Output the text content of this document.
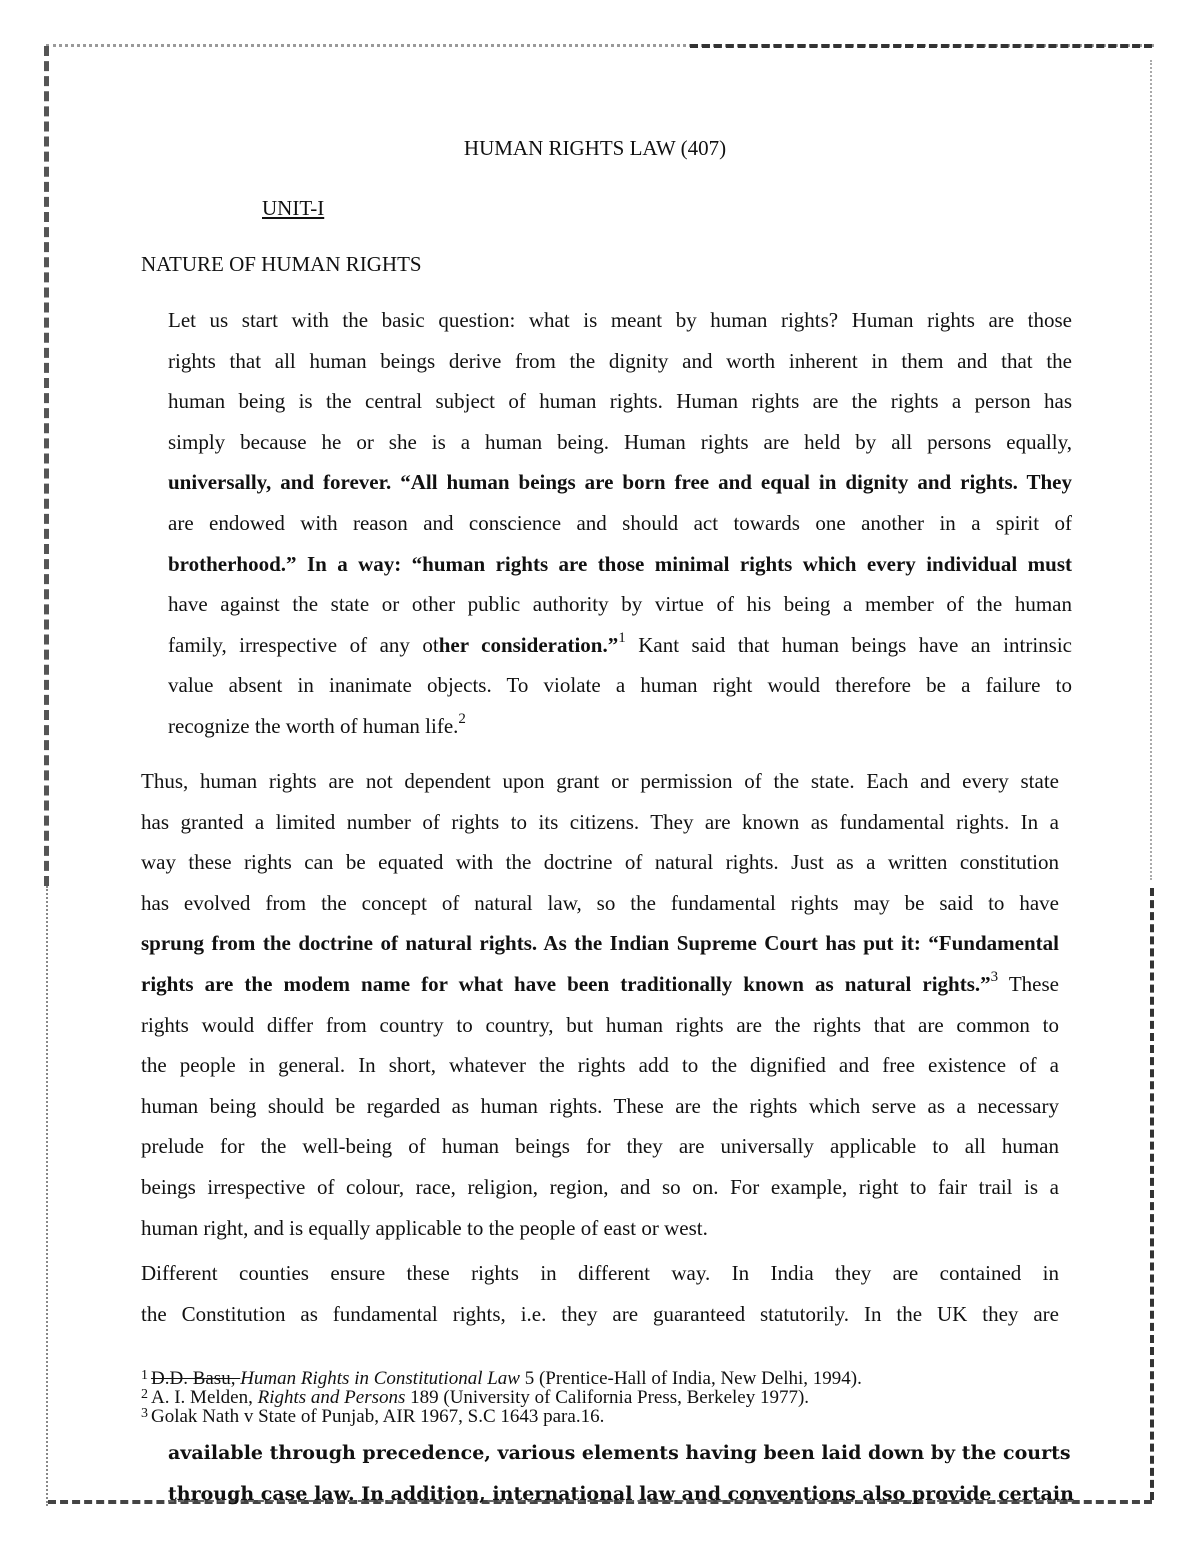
HUMAN RIGHTS LAW (407)
UNIT-I
NATURE OF HUMAN RIGHTS
Let us start with the basic question: what is meant by human rights? Human rights are those
rights that all human beings derive from the dignity and worth inherent in them and that the
human being is the central subject of human rights. Human rights are the rights a person has
simply because he or she is a human being. Human rights are held by all persons equally,
universally, and forever. “All human beings are born free and equal in dignity and rights. They
are endowed with reason and conscience and should act towards one another in a spirit of
brotherhood.” In a way: “human rights are those minimal rights which every individual must
have against the state or other public authority by virtue of his being a member of the human
family, irrespective of any other consideration.”$^1$ Kant said that human beings have an intrinsic
value absent in inanimate objects. To violate a human right would therefore be a failure to
recognize the worth of human life.$^2$
Thus, human rights are not dependent upon grant or permission of the state. Each and every state
has granted a limited number of rights to its citizens. They are known as fundamental rights. In a
way these rights can be equated with the doctrine of natural rights. Just as a written constitution
has evolved from the concept of natural law, so the fundamental rights may be said to have
sprung from the doctrine of natural rights. As the Indian Supreme Court has put it: “Fundamental
rights are the modem name for what have been traditionally known as natural rights.”$^3$ These
rights would differ from country to country, but human rights are the rights that are common to
the people in general. In short, whatever the rights add to the dignified and free existence of a
human being should be regarded as human rights. These are the rights which serve as a necessary
prelude for the well-being of human beings for they are universally applicable to all human
beings irrespective of colour, race, religion, region, and so on. For example, right to fair trail is a
human right, and is equally applicable to the people of east or west.
Different counties ensure these rights in different way. In India they are contained in
the Constitution as fundamental rights, i.e. they are guaranteed statutorily. In the UK they are
$^1$ D.D. Basu, Human Rights in Constitutional Law 5 (Prentice-Hall of India, New Delhi, 1994).
$^2$ A. I. Melden, Rights and Persons 189 (University of California Press, Berkeley 1977).
$^3$ Golak Nath v State of Punjab, AIR 1967, S.C 1643 para.16.
available through precedence, various elements having been laid down by the courts
through case law. In addition, international law and conventions also provide certain
